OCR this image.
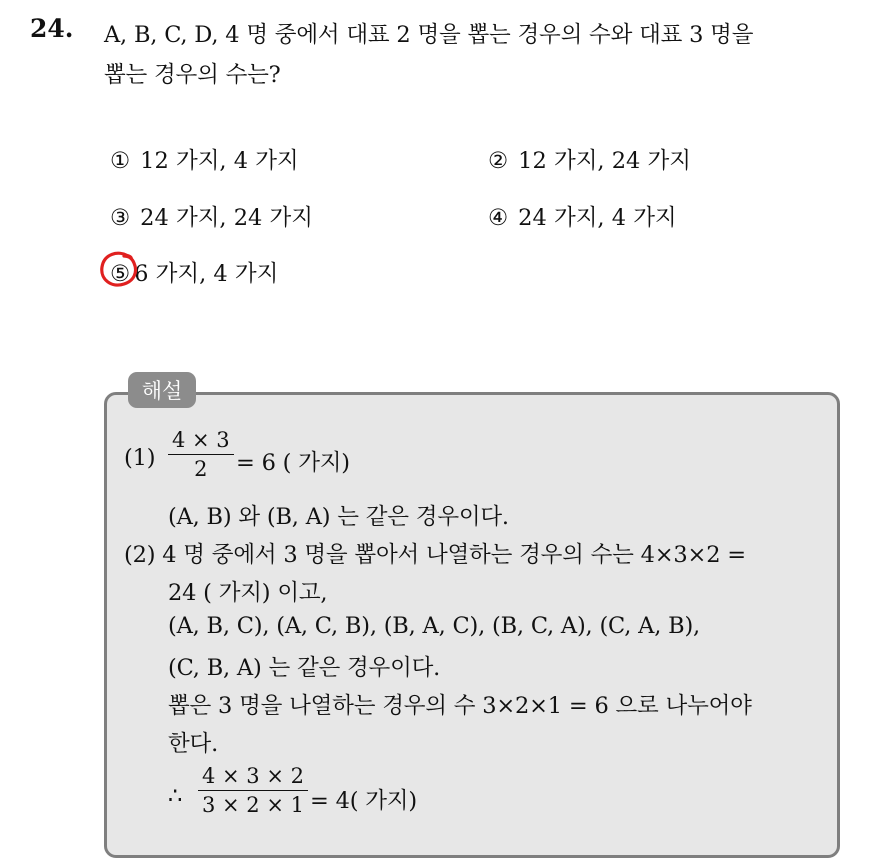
24. A, B, C, D, 4 명 중에서 대표 2 명을 뽑는 경우의 수와 대표 3 명을
뽑는 경우의 수는?
① 12 가지, 4 가지	② 12 가지, 24 가지
③ 24 가지, 24 가지	④ 24 가지, 4 가지
⑤ 6 가지, 4 가지
해설
$(1) \frac{4 \times 3}{2} = 6$ ( 가지)
(A, B) 와 (B, A) 는 같은 경우이다.
(2) 4 명 중에서 3 명을 뽑아서 나열하는 경우의 수는 4×3×2 =
24 ( 가지) 이고,
(A, B, C), (A, C, B), (B, A, C), (B, C, A), (C, A, B),
(C, B, A) 는 같은 경우이다.
뽑은 3 명을 나열하는 경우의 수 3×2×1 = 6 으로 나누어야
한다.
∴ $\frac{4 \times 3 \times 2}{3 \times 2 \times 1} = 4$( 가지)
